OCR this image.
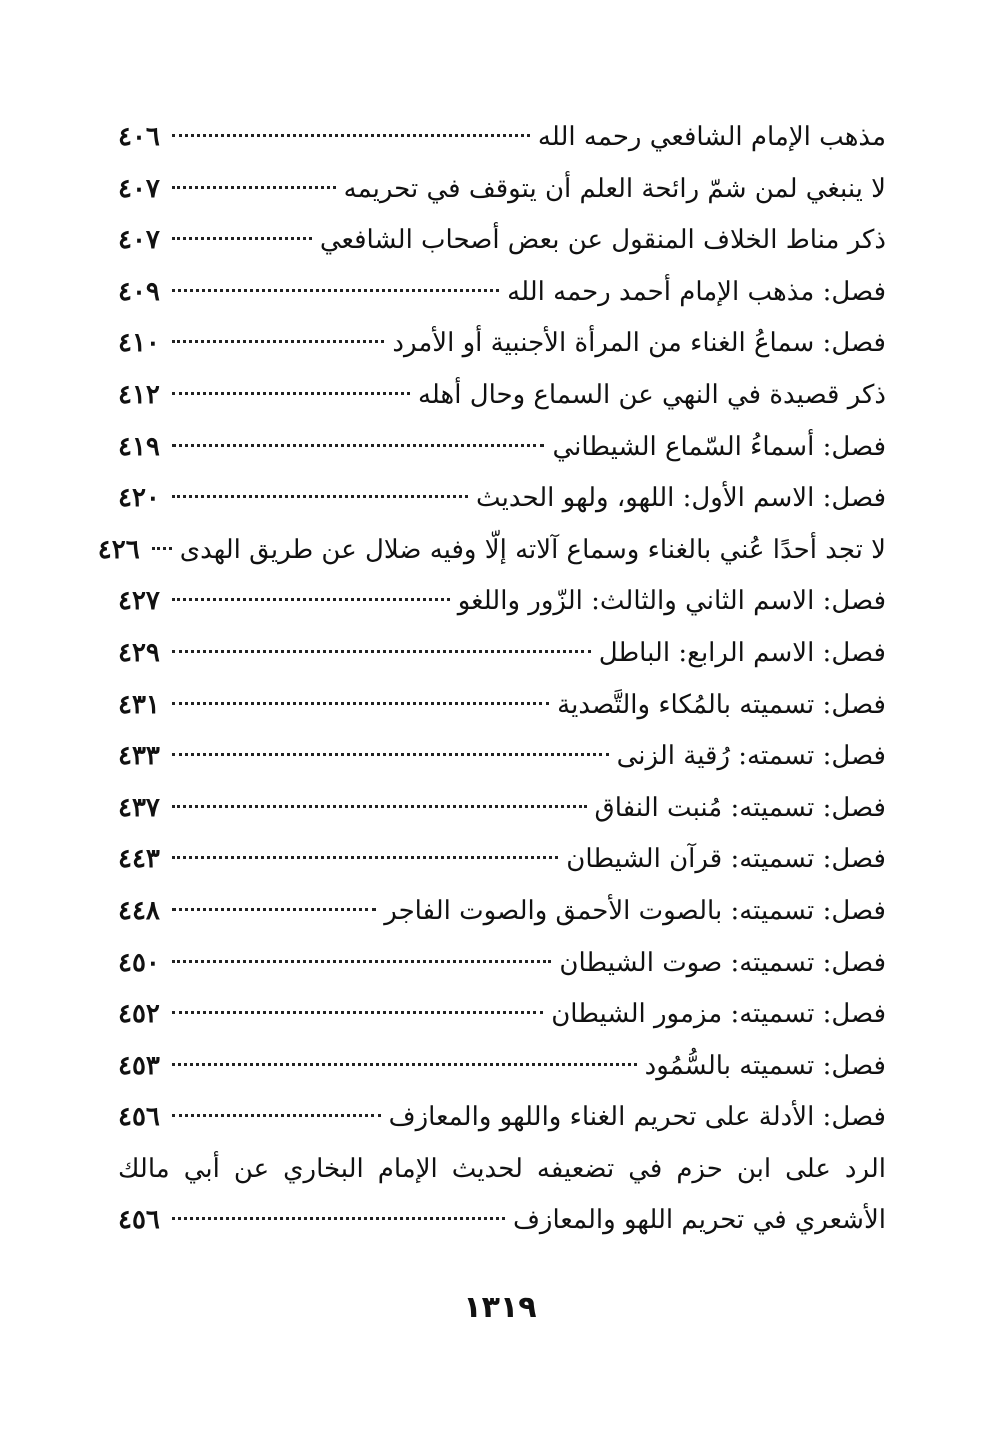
مذهب الإمام الشافعي رحمه الله
٤٠٦
لا ينبغي لمن شمّ رائحة العلم أن يتوقف في تحريمه
٤٠٧
ذكر مناط الخلاف المنقول عن بعض أصحاب الشافعي
٤٠٧
فصل: مذهب الإمام أحمد رحمه الله
٤٠٩
فصل: سماعُ الغناء من المرأة الأجنبية أو الأمرد
٤١٠
ذكر قصيدة في النهي عن السماع وحال أهله
٤١٢
فصل: أسماءُ السّماع الشيطاني
٤١٩
فصل: الاسم الأول: اللهو، ولهو الحديث
٤٢٠
لا تجد أحدًا عُني بالغناء وسماع آلاته إلّا وفيه ضلال عن طريق الهدى
٤٢٦
فصل: الاسم الثاني والثالث: الزّور واللغو
٤٢٧
فصل: الاسم الرابع: الباطل
٤٢٩
فصل: تسميته بالمُكاء والتَّصدية
٤٣١
فصل: تسمته: رُقية الزنى
٤٣٣
فصل: تسميته: مُنبت النفاق
٤٣٧
فصل: تسميته: قرآن الشيطان
٤٤٣
فصل: تسميته: بالصوت الأحمق والصوت الفاجر
٤٤٨
فصل: تسميته: صوت الشيطان
٤٥٠
فصل: تسميته: مزمور الشيطان
٤٥٢
فصل: تسميته بالسُّمُود
٤٥٣
فصل: الأدلة على تحريم الغناء واللهو والمعازف
٤٥٦
الرد على ابن حزم في تضعيفه لحديث الإمام البخاري عن أبي مالك
الأشعري في تحريم اللهو والمعازف
٤٥٦
١٣١٩
